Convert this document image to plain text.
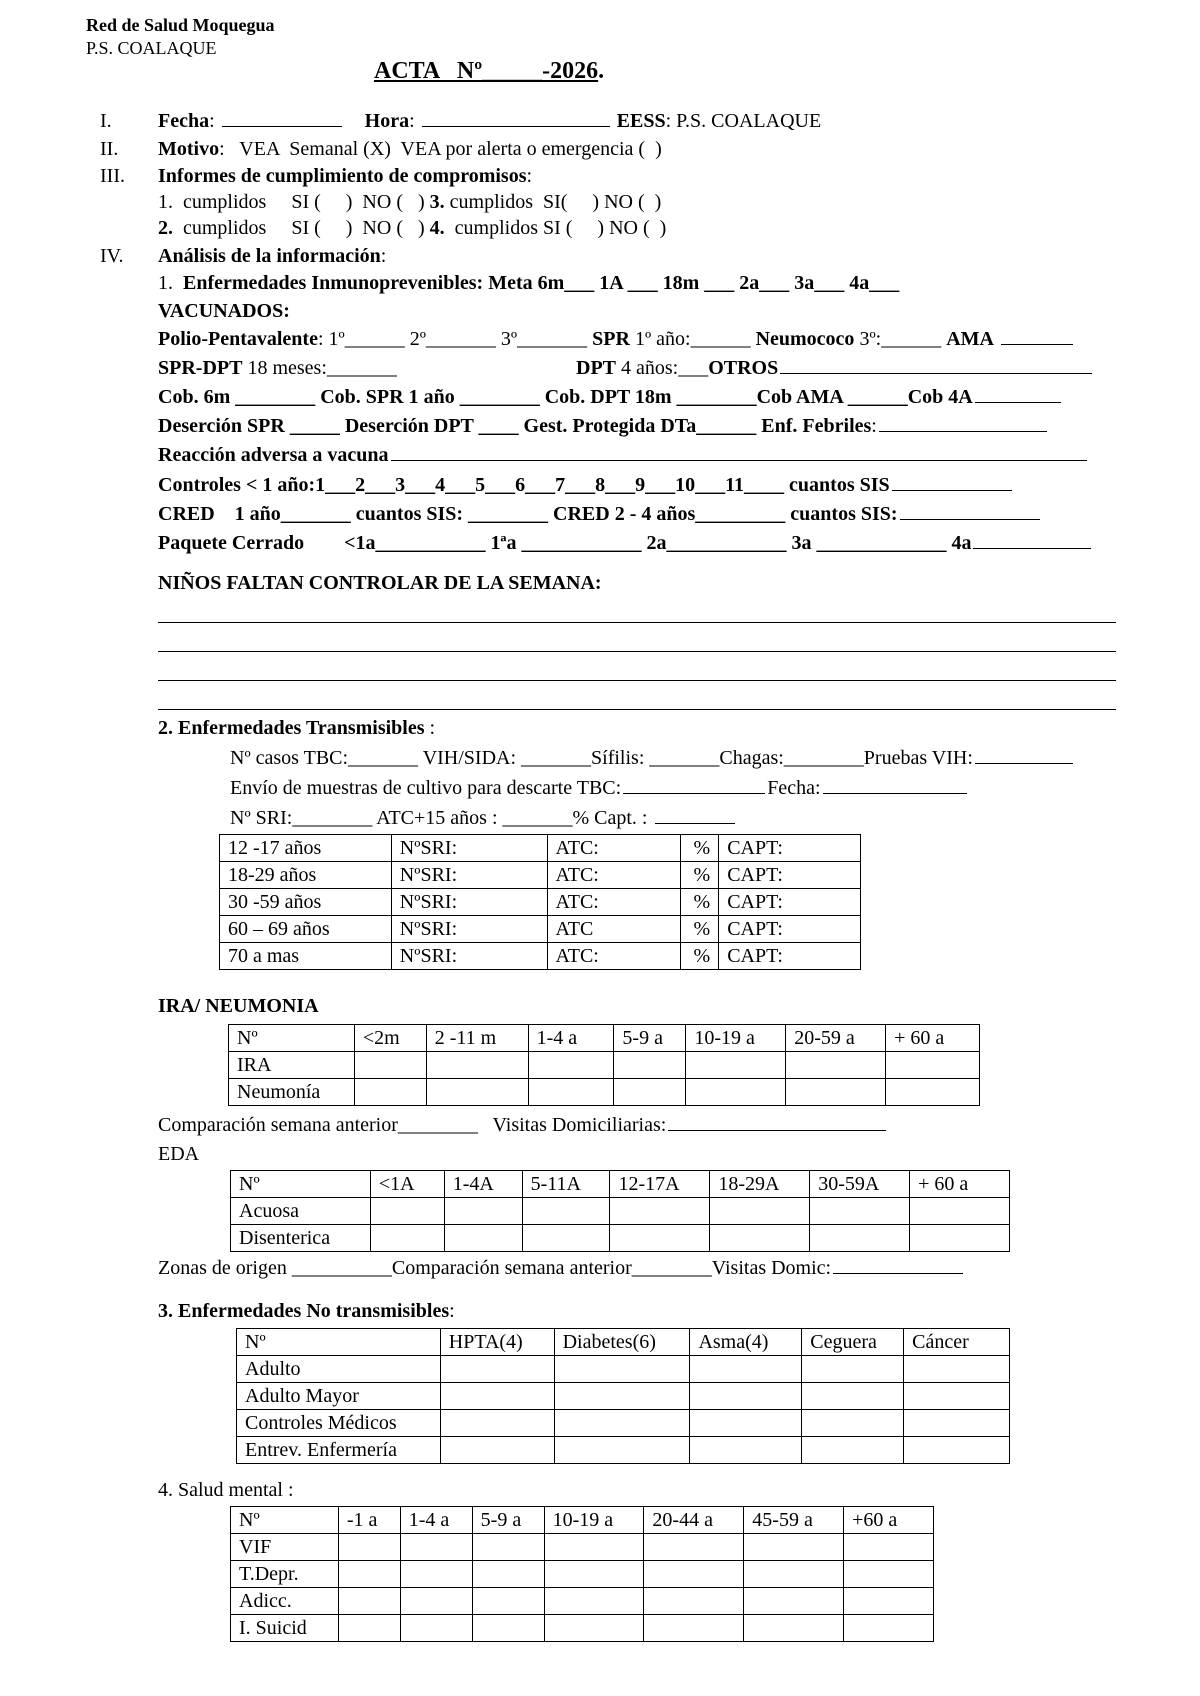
Red de Salud Moquegua
P.S. COALAQUE
ACTA   Nº_____-2026.
I. Fecha:	Hora:	EESS: P.S. COALAQUE
II. Motivo:   VEA  Semanal (X)  VEA por alerta o emergencia (  )
III. Informes de cumplimiento de compromisos:
1.  cumplidos     SI (     )  NO (   ) 3. cumplidos  SI(     ) NO (  )
2.  cumplidos     SI (     )  NO (   ) 4.  cumplidos SI (     ) NO (  )
IV. Análisis de la información:
1.  Enfermedades Inmunoprevenibles: Meta 6m___ 1A ___ 18m ___ 2a___ 3a___ 4a___
VACUNADOS:
Polio-Pentavalente: 1º______ 2º_______ 3º_______ SPR 1º año:______ Neumococo 3º:______ AMA
SPR-DPT 18 meses:_______	DPT 4 años:___OTROS
Cob. 6m ________ Cob. SPR 1 año ________ Cob. DPT 18m ________Cob AMA ______Cob 4A
Deserción SPR _____ Deserción DPT ____ Gest. Protegida DTa______ Enf. Febriles:
Reacción adversa a vacuna
Controles < 1 año:1___2___3___4___5___6___7___8___9___10___11____ cuantos SIS
CRED    1 año_______ cuantos SIS: ________ CRED 2 - 4 años_________ cuantos SIS:
Paquete Cerrado        <1a___________ 1ªa ____________ 2a____________ 3a _____________ 4a
NIÑOS FALTAN CONTROLAR DE LA SEMANA:
2. Enfermedades Transmisibles :
Nº casos TBC:_______ VIH/SIDA: _______Sífilis: _______Chagas:________Pruebas VIH:
Envío de muestras de cultivo para descarte TBC:	Fecha:
Nº SRI:________ ATC+15 años : _______% Capt. :
12 -17 años	NºSRI:	ATC:	%	CAPT:
18-29 años	NºSRI:	ATC:	%	CAPT:
30 -59 años	NºSRI:	ATC:	%	CAPT:
60 – 69 años	NºSRI:	ATC	%	CAPT:
70 a mas	NºSRI:	ATC:	%	CAPT:
IRA/ NEUMONIA
Nº	<2m	2 -11 m	1-4 a	5-9 a	10-19 a	20-59 a	+ 60 a
IRA							
Neumonía							
Comparación semana anterior________   Visitas Domiciliarias:
EDA
Nº	<1A	1-4A	5-11A	12-17A	18-29A	30-59A	+ 60 a
Acuosa							
Disenterica							
Zonas de origen __________Comparación semana anterior________Visitas Domic:
3. Enfermedades No transmisibles:
Nº	HPTA(4)	Diabetes(6)	Asma(4)	Ceguera	Cáncer
Adulto					
Adulto Mayor					
Controles Médicos					
Entrev. Enfermería					
4. Salud mental :
Nº	-1 a	1-4 a	5-9 a	10-19 a	20-44 a	45-59 a	+60 a
VIF							
T.Depr.							
Adicc.							
I. Suicid							
